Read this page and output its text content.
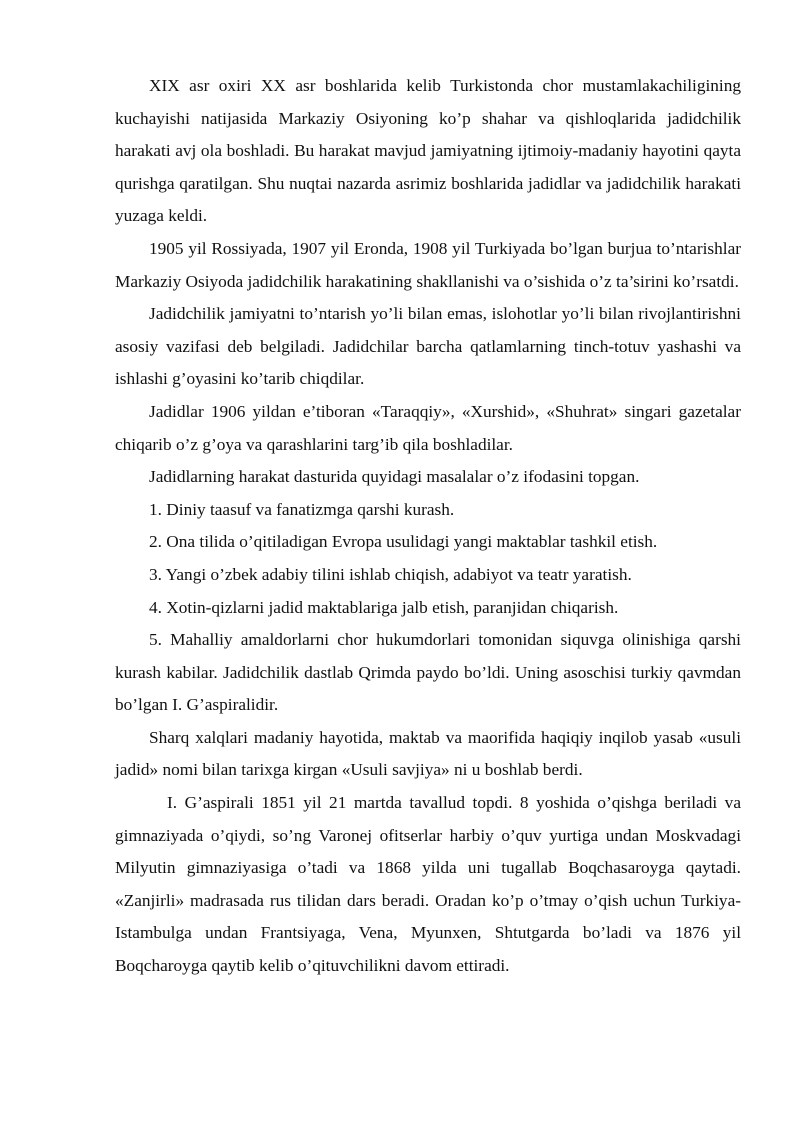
XIX asr oxiri XX asr boshlarida kelib Turkistonda chor mustamlakachiligining kuchayishi natijasida Markaziy Osiyoning ko’p shahar va qishloqlarida jadidchilik harakati avj ola boshladi. Bu harakat mavjud jamiyatning ijtimoiy-madaniy hayotini qayta qurishga qaratilgan. Shu nuqtai nazarda asrimiz boshlarida jadidlar va jadidchilik harakati yuzaga keldi.

1905 yil Rossiyada, 1907 yil Eronda, 1908 yil Turkiyada bo’lgan burjua to’ntarishlar Markaziy Osiyoda jadidchilik harakatining shakllanishi va o’sishida o’z ta’sirini ko’rsatdi.

Jadidchilik jamiyatni to’ntarish yo’li bilan emas, islohotlar yo’li bilan rivojlantirishni asosiy vazifasi deb belgiladi. Jadidchilar barcha qatlamlarning tinch-totuv yashashi va ishlashi g’oyasini ko’tarib chiqdilar.

Jadidlar 1906 yildan e’tiboran «Taraqqiy», «Xurshid», «Shuhrat» singari gazetalar chiqarib o’z g’oya va qarashlarini targ’ib qila boshladilar.

Jadidlarning harakat dasturida quyidagi masalalar o’z ifodasini topgan.

1. Diniy taasuf va fanatizmga qarshi kurash.

2. Ona tilida o’qitiladigan Evropa usulidagi yangi maktablar tashkil etish.

3. Yangi o’zbek adabiy tilini ishlab chiqish, adabiyot va teatr yaratish.

4. Xotin-qizlarni jadid maktablariga jalb etish, paranjidan chiqarish.

5. Mahalliy amaldorlarni chor hukumdorlari tomonidan siquvga olinishiga qarshi kurash kabilar. Jadidchilik dastlab Qrimda paydo bo’ldi. Uning asoschisi turkiy qavmdan bo’lgan I. G’aspiralidir.

Sharq xalqlari madaniy hayotida, maktab va maorifida haqiqiy inqilob yasab «usuli jadid» nomi bilan tarixga kirgan «Usuli savjiya» ni u boshlab berdi.

I. G’aspirali 1851 yil 21 martda tavallud topdi. 8 yoshida o’qishga beriladi va gimnaziyada o’qiydi, so’ng Varonej ofitserlar harbiy o’quv yurtiga undan Moskvadagi Milyutin gimnaziyasiga o’tadi va 1868 yilda uni tugallab Boqchasaroyga qaytadi. «Zanjirli» madrasada rus tilidan dars beradi. Oradan ko’p o’tmay o’qish uchun Turkiya-Istambulga undan Frantsiyaga, Vena, Myunxen, Shtutgarda bo’ladi va 1876 yil Boqcharoyga qaytib kelib o’qituvchilikni davom ettiradi.
